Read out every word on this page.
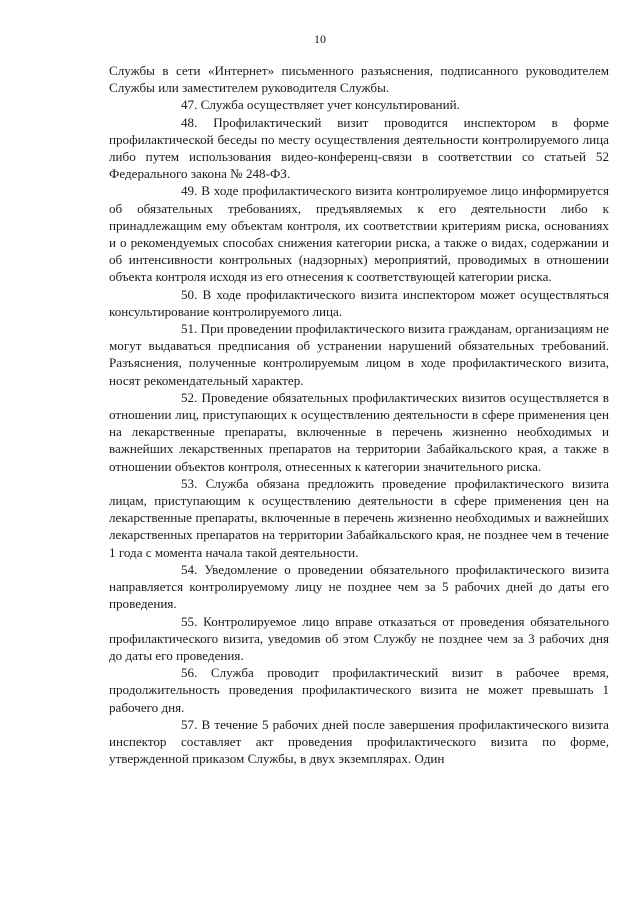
10

Службы в сети «Интернет» письменного разъяснения, подписанного руководителем Службы или заместителем руководителя Службы.

47. Служба осуществляет учет консультирований.

48. Профилактический визит проводится инспектором в форме профилактической беседы по месту осуществления деятельности контролируемого лица либо путем использования видео-конференц-связи в соответствии со статьей 52 Федерального закона № 248-ФЗ.

49. В ходе профилактического визита контролируемое лицо информируется об обязательных требованиях, предъявляемых к его деятельности либо к принадлежащим ему объектам контроля, их соответствии критериям риска, основаниях и о рекомендуемых способах снижения категории риска, а также о видах, содержании и об интенсивности контрольных (надзорных) мероприятий, проводимых в отношении объекта контроля исходя из его отнесения к соответствующей категории риска.

50. В ходе профилактического визита инспектором может осуществляться консультирование контролируемого лица.

51. При проведении профилактического визита гражданам, организациям не могут выдаваться предписания об устранении нарушений обязательных требований. Разъяснения, полученные контролируемым лицом в ходе профилактического визита, носят рекомендательный характер.

52. Проведение обязательных профилактических визитов осуществляется в отношении лиц, приступающих к осуществлению деятельности в сфере применения цен на лекарственные препараты, включенные в перечень жизненно необходимых и важнейших лекарственных препаратов на территории Забайкальского края, а также в отношении объектов контроля, отнесенных к категории значительного риска.

53. Служба обязана предложить проведение профилактического визита лицам, приступающим к осуществлению деятельности в сфере применения цен на лекарственные препараты, включенные в перечень жизненно необходимых и важнейших лекарственных препаратов на территории Забайкальского края, не позднее чем в течение 1 года с момента начала такой деятельности.

54. Уведомление о проведении обязательного профилактического визита направляется контролируемому лицу не позднее чем за 5 рабочих дней до даты его проведения.

55. Контролируемое лицо вправе отказаться от проведения обязательного профилактического визита, уведомив об этом Службу не позднее чем за 3 рабочих дня до даты его проведения.

56. Служба проводит профилактический визит в рабочее время, продолжительность проведения профилактического визита не может превышать 1 рабочего дня.

57. В течение 5 рабочих дней после завершения профилактического визита инспектор составляет акт проведения профилактического визита по форме, утвержденной приказом Службы, в двух экземплярах. Один
